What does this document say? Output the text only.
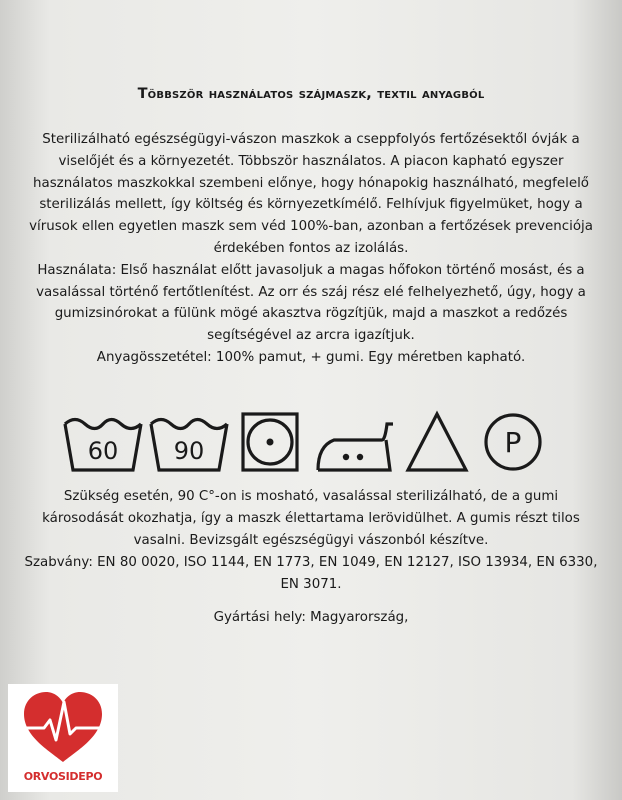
Többször használatos szájmaszk, textil anyagból

Sterilizálható egészségügyi-vászon maszkok a cseppfolyós fertőzésektől óvják a viselőjét és a környezetét. Többször használatos. A piacon kapható egyszer használatos maszkokkal szembeni előnye, hogy hónapokig használható, megfelelő sterilizálás mellett, így költség és környezetkímélő. Felhívjuk figyelmüket, hogy a vírusok ellen egyetlen maszk sem véd 100%-ban, azonban a fertőzések prevenciója érdekében fontos az izolálás.

Használata: Első használat előtt javasoljuk a magas hőfokon történő mosást, és a vasalással történő fertőtlenítést. Az orr és száj rész elé felhelyezhető, úgy, hogy a gumizsinórokat a fülünk mögé akasztva rögzítjük, majd a maszkot a redőzés segítségével az arcra igazítjuk.

Anyagösszetétel: 100% pamut, + gumi. Egy méretben kapható.

60 90	P

Szükség esetén, 90 C°-on is mosható, vasalással sterilizálható, de a gumi károsodását okozhatja, így a maszk élettartama lerövidülhet. A gumis részt tilos vasalni. Bevizsgált egészségügyi vászonból készítve.

Szabvány: EN 80 0020, ISO 1144, EN 1773, EN 1049, EN 12127, ISO 13934, EN 6330, EN 3071.

Gyártási hely: Magyarország,

ORVOSIDEPO
